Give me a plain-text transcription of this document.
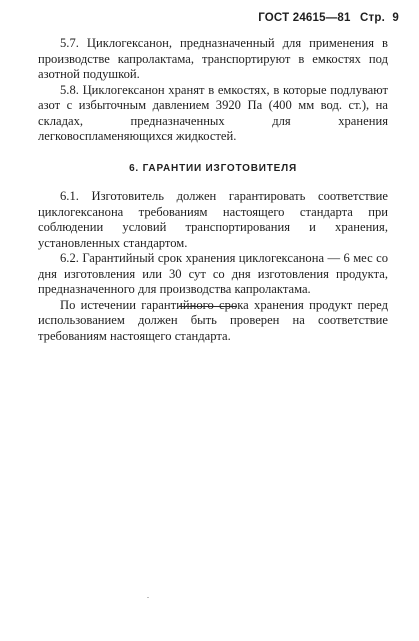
ГОСТ 24615—81 Стр. 9

5.7. Циклогексанон, предназначенный для применения в производстве капролактама, транспортируют в емкостях под азотной подушкой.

5.8. Циклогексанон хранят в емкостях, в которые подлувают азот с избыточным давлением 3920 Па (400 мм вод. ст.), на складах, предназначенных для хранения легковоспламеняющихся жидкостей.

6. ГАРАНТИИ ИЗГОТОВИТЕЛЯ

6.1. Изготовитель должен гарантировать соответствие циклогексанона требованиям настоящего стандарта при соблюдении условий транспортирования и хранения, установленных стандартом.

6.2. Гарантийный срок хранения циклогексанона — 6 мес со дня изготовления или 30 сут со дня изготовления продукта, предназначенного для производства капролактама.

По истечении гарантийного срока хранения продукт перед использованием должен быть проверен на соответствие требованиям настоящего стандарта.

.
